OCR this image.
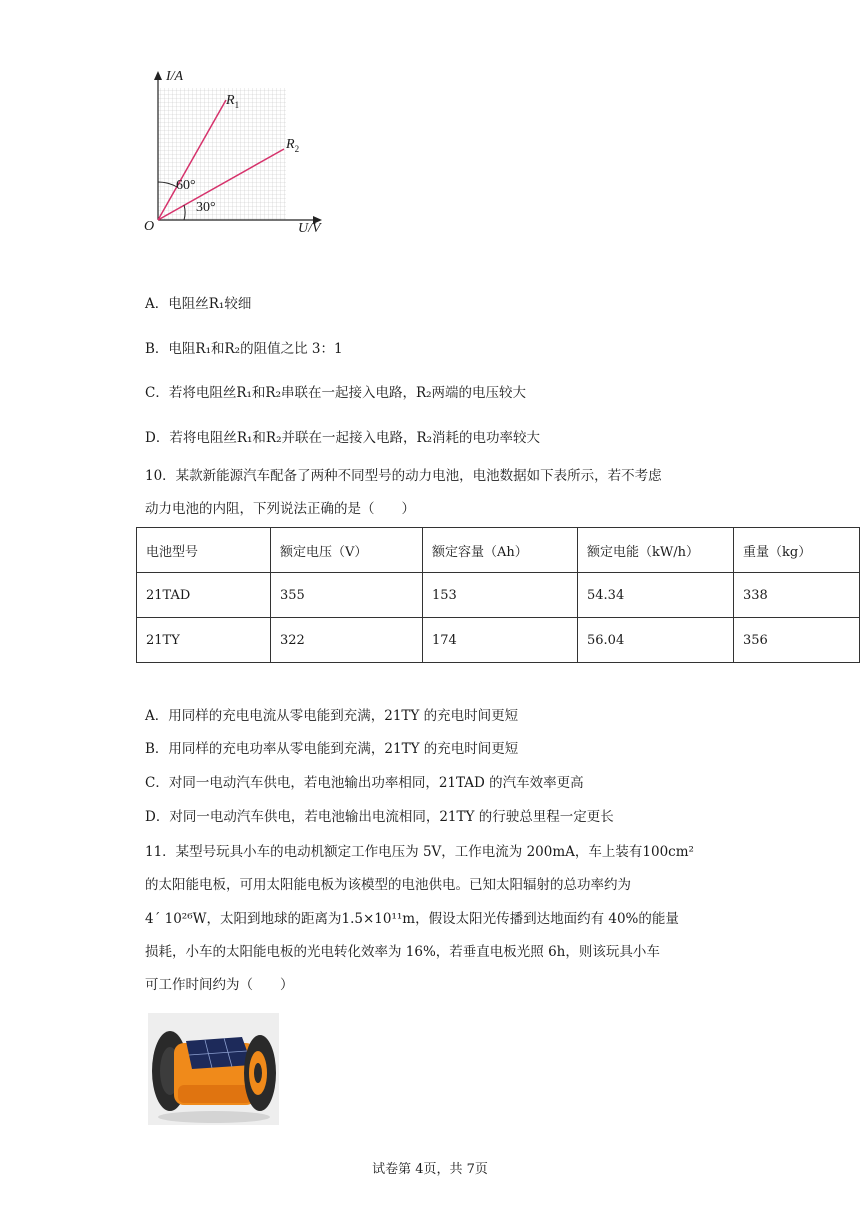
I/A
U/V
O
$R_1$
$R_2$
60°
30°
A．电阻丝R₁较细
B．电阻R₁和R₂的阻值之比 3：1
C．若将电阻丝R₁和R₂串联在一起接入电路，R₂两端的电压较大
D．若将电阻丝R₁和R₂并联在一起接入电路，R₂消耗的电功率较大
10．某款新能源汽车配备了两种不同型号的动力电池，电池数据如下表所示，若不考虑
动力电池的内阻，下列说法正确的是（　　）
电池型号	额定电压（V）	额定容量（Ah）	额定电能（kW/h）	重量（kg）
21TAD	355	153	54.34	338
21TY	322	174	56.04	356
A．用同样的充电电流从零电能到充满，21TY 的充电时间更短
B．用同样的充电功率从零电能到充满，21TY 的充电时间更短
C．对同一电动汽车供电，若电池输出功率相同，21TAD 的汽车效率更高
D．对同一电动汽车供电，若电池输出电流相同，21TY 的行驶总里程一定更长
11．某型号玩具小车的电动机额定工作电压为 5V，工作电流为 200mA，车上装有100cm²
的太阳能电板，可用太阳能电板为该模型的电池供电。已知太阳辐射的总功率约为
4´ 10²⁶W，太阳到地球的距离为1.5×10¹¹m，假设太阳光传播到达地面约有 40%的能量
损耗，小车的太阳能电板的光电转化效率为 16%，若垂直电板光照 6h，则该玩具小车
可工作时间约为（　　）
试卷第 4页，共 7页
